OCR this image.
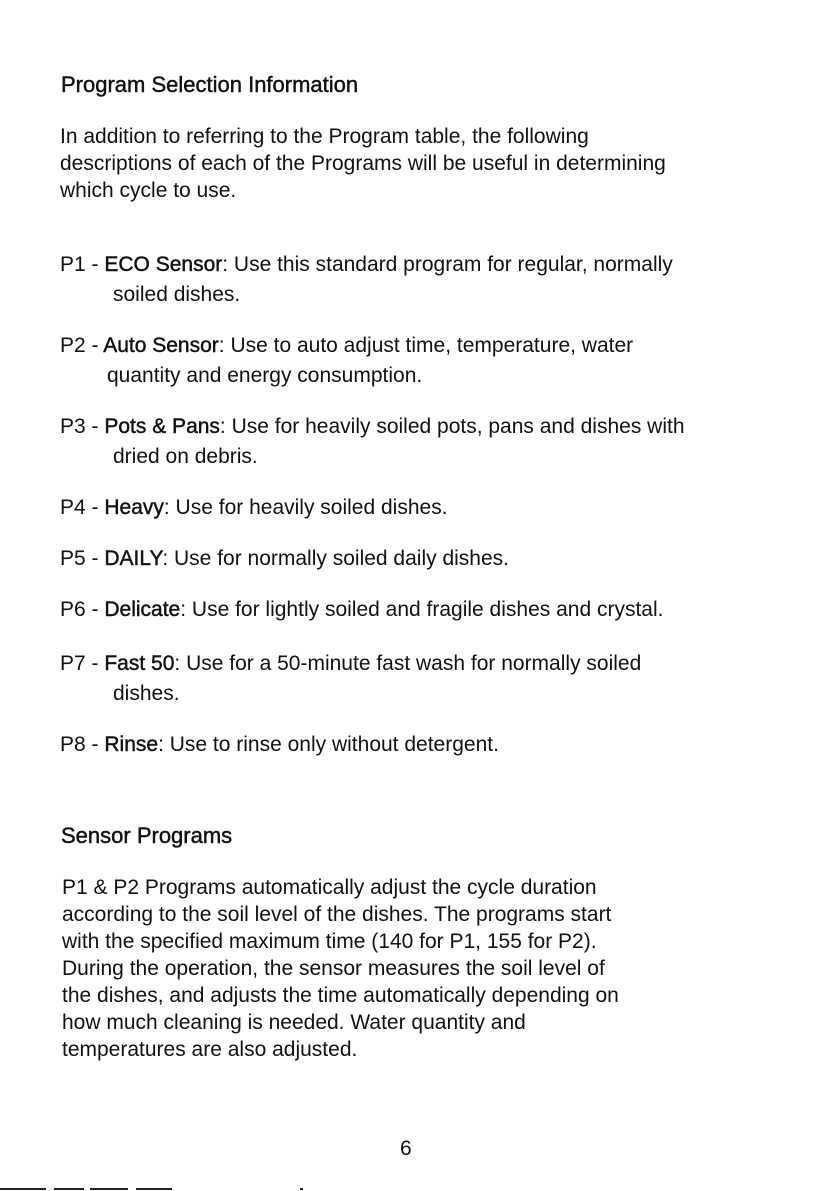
Program Selection Information

In addition to referring to the Program table, the following
descriptions of each of the Programs will be useful in determining
which cycle to use.

P1 - ECO Sensor: Use this standard program for regular, normally
soiled dishes.

P2 - Auto Sensor: Use to auto adjust time, temperature, water
quantity and energy consumption.

P3 - Pots & Pans: Use for heavily soiled pots, pans and dishes with
dried on debris.

P4 - Heavy: Use for heavily soiled dishes.

P5 - DAILY: Use for normally soiled daily dishes.

P6 - Delicate: Use for lightly soiled and fragile dishes and crystal.

P7 - Fast 50: Use for a 50-minute fast wash for normally soiled
dishes.

P8 - Rinse: Use to rinse only without detergent.

Sensor Programs

P1 & P2 Programs automatically adjust the cycle duration
according to the soil level of the dishes. The programs start
with the specified maximum time (140 for P1, 155 for P2).
During the operation, the sensor measures the soil level of
the dishes, and adjusts the time automatically depending on
how much cleaning is needed. Water quantity and
temperatures are also adjusted.

6
